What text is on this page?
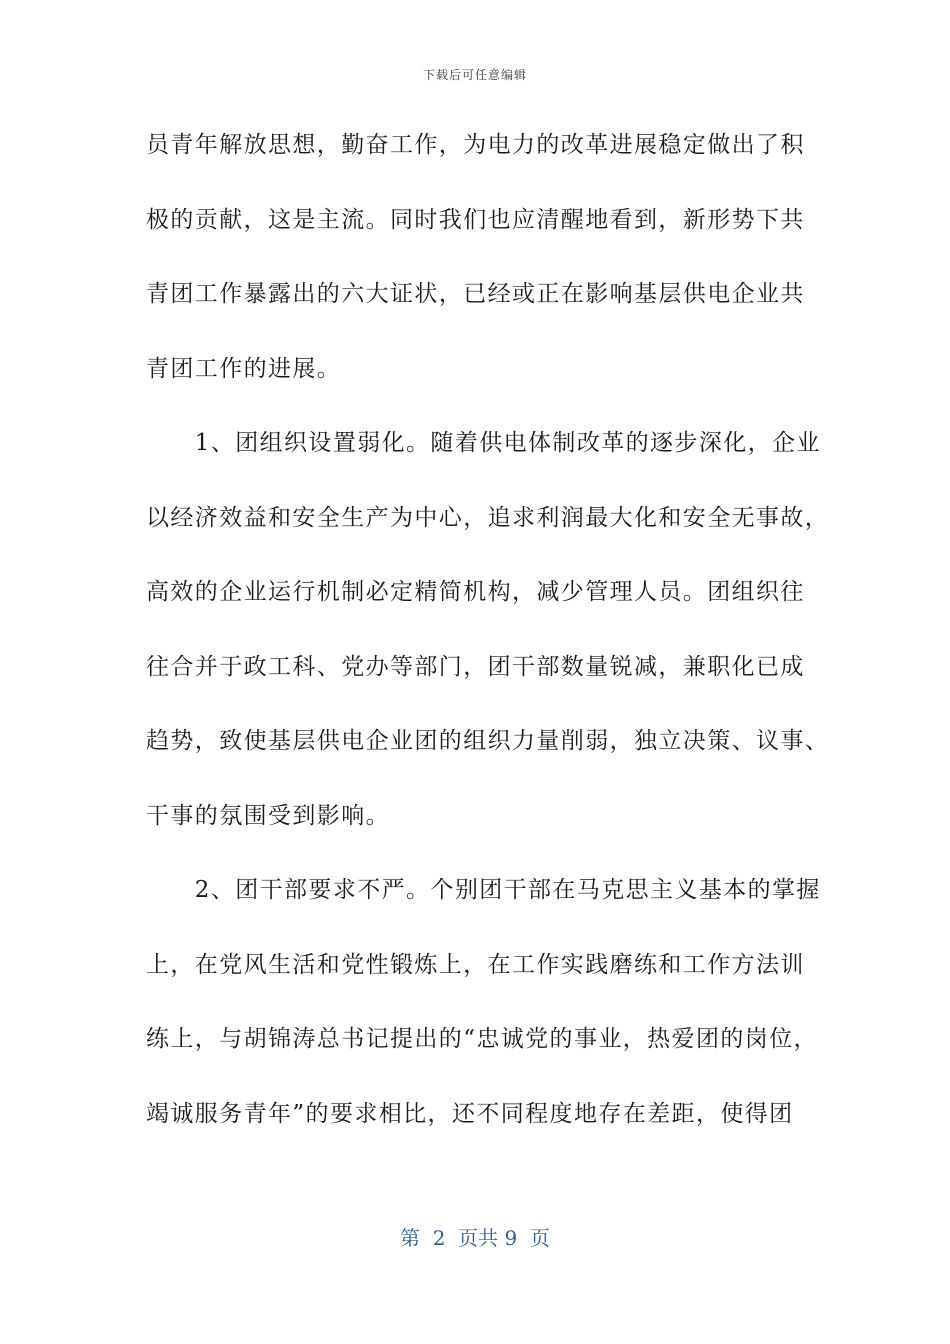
下载后可任意编辑
员青年解放思想，勤奋工作，为电力的改革进展稳定做出了积
极的贡献，这是主流。同时我们也应清醒地看到，新形势下共
青团工作暴露出的六大证状，已经或正在影响基层供电企业共
青团工作的进展。
　　1、团组织设置弱化。随着供电体制改革的逐步深化，企业
以经济效益和安全生产为中心，追求利润最大化和安全无事故，
高效的企业运行机制必定精简机构，减少管理人员。团组织往
往合并于政工科、党办等部门，团干部数量锐减，兼职化已成
趋势，致使基层供电企业团的组织力量削弱，独立决策、议事、
干事的氛围受到影响。
　　2、团干部要求不严。个别团干部在马克思主义基本的掌握
上，在党风生活和党性锻炼上，在工作实践磨练和工作方法训
练上，与胡锦涛总书记提出的“忠诚党的事业，热爱团的岗位，
竭诚服务青年”的要求相比，还不同程度地存在差距，使得团
第  2  页共 9  页
